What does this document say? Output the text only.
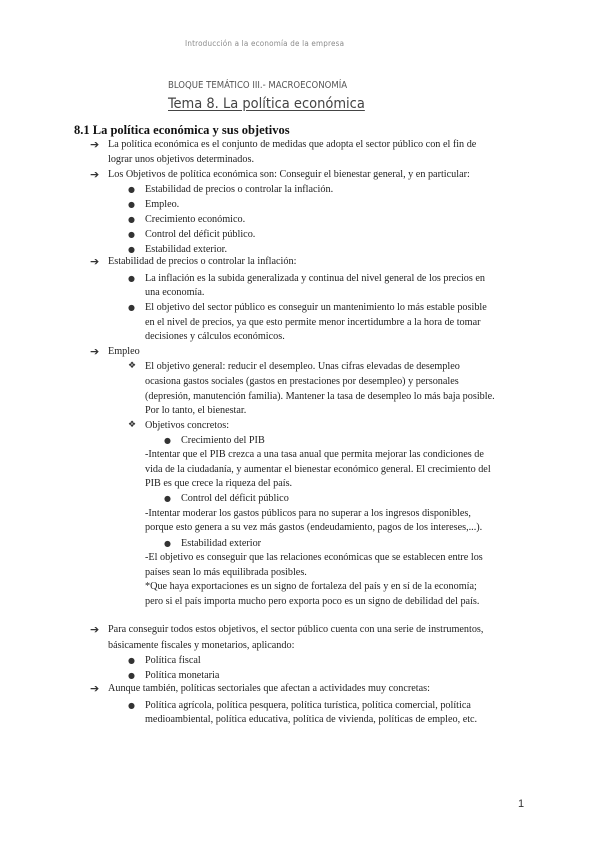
Introducción a la economía de la empresa
BLOQUE TEMÁTICO III.- MACROECONOMÍA
Tema 8. La política económica
8.1 La política económica y sus objetivos
➔
➔
●
●
●
●
●
➔
●
●
➔
❖
❖
●
●
●
➔
●
●
➔
●
La política económica es el conjunto de medidas que adopta el sector público con el fin de
lograr unos objetivos determinados.
Los Objetivos de política económica son: Conseguir el bienestar general, y en particular:
Estabilidad de precios o controlar la inflación.
Empleo.
Crecimiento económico.
Control del déficit público.
Estabilidad exterior.
Estabilidad de precios o controlar la inflación:
La inflación es la subida generalizada y continua del nivel general de los precios en
una economía.
El objetivo del sector público es conseguir un mantenimiento lo más estable posible
en el nivel de precios, ya que esto permite menor incertidumbre a la hora de tomar
decisiones y cálculos económicos.
Empleo
El objetivo general: reducir el desempleo. Unas cifras elevadas de desempleo
ocasiona gastos sociales (gastos en prestaciones por desempleo) y personales
(depresión, manutención familia). Mantener la tasa de desempleo lo más baja posible.
Por lo tanto, el bienestar.
Objetivos concretos:
Crecimiento del PIB
-Intentar que el PIB crezca a una tasa anual que permita mejorar las condiciones de
vida de la ciudadanía, y aumentar el bienestar económico general. El crecimiento del
PIB es que crece la riqueza del país.
Control del déficit público
-Intentar moderar los gastos públicos para no superar a los ingresos disponibles,
porque esto genera a su vez más gastos (endeudamiento, pagos de los intereses,...).
Estabilidad exterior
-El objetivo es conseguir que las relaciones económicas que se establecen entre los
países sean lo más equilibrada posibles.
*Que haya exportaciones es un signo de fortaleza del país y en sí de la economía;
pero si el país importa mucho pero exporta poco es un signo de debilidad del país.
Para conseguir todos estos objetivos, el sector público cuenta con una serie de instrumentos,
básicamente fiscales y monetarios, aplicando:
Política fiscal
Política monetaria
Aunque también, políticas sectoriales que afectan a actividades muy concretas:
Política agrícola, política pesquera, política turística, política comercial, política
medioambiental, política educativa, política de vivienda, políticas de empleo, etc.
1
